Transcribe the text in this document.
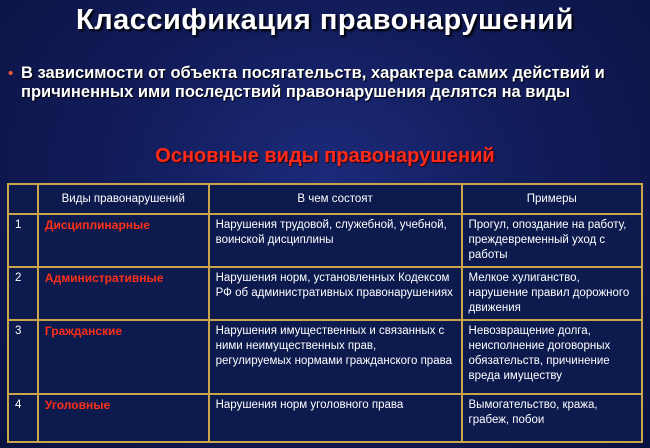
Классификация правонарушений
• В зависимости от объекта посягательств, характера самих действий и причиненных ими последствий правонарушения делятся на виды
Основные виды правонарушений
	Виды правонарушений	В чем состоят	Примеры
1	Дисциплинарные	Нарушения трудовой, служебной, учебной, воинской дисциплины	Прогул, опоздание на работу, преждевременный уход с работы
2	Административные	Нарушения норм, установленных Кодексом РФ об административных правонарушениях	Мелкое хулиганство, нарушение правил дорожного движения
3	Гражданские	Нарушения имущественных и связанных с ними неимущественных прав, регулируемых нормами гражданского права	Невозвращение долга, неисполнение договорных обязательств, причинение вреда имуществу
4	Уголовные	Нарушения норм уголовного права	Вымогательство, кража, грабеж, побои
